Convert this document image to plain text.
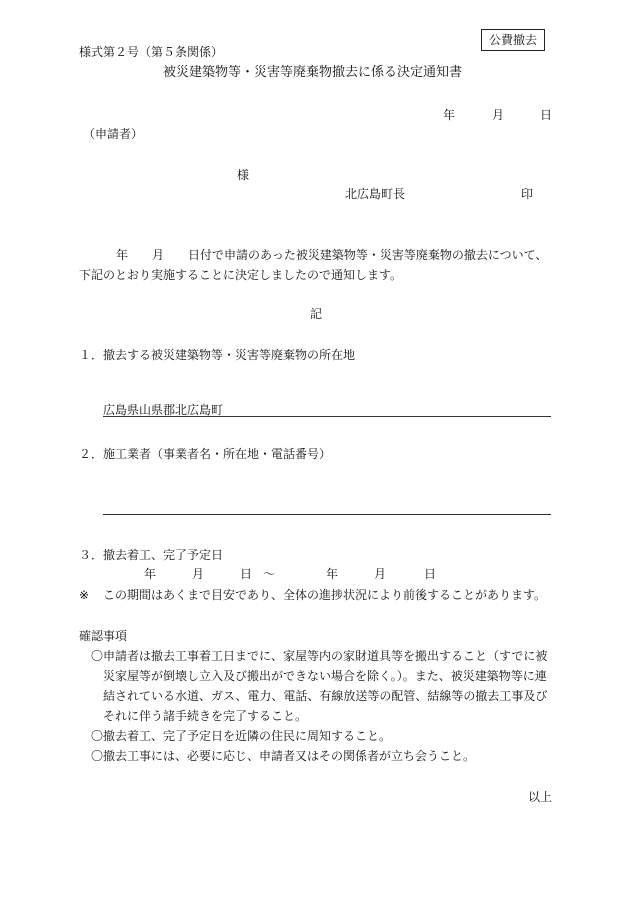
公費撤去
様式第２号（第５条関係）
被災建築物等・災害等廃棄物撤去に係る決定通知書
年	月	日
（申請者）
様
北広島町長	印
年　　月　　日付で申請のあった被災建築物等・災害等廃棄物の撤去について、
下記のとおり実施することに決定しましたので通知します。
記
１．撤去する被災建築物等・災害等廃棄物の所在地
広島県山県郡北広島町
２．施工業者（事業者名・所在地・電話番号）
３．撤去着工、完了予定日
年	月	日 ～	年	月	日
※ この期間はあくまで目安であり、全体の進捗状況により前後することがあります。
確認事項
〇申請者は撤去工事着工日までに、家屋等内の家財道具等を搬出すること（すでに被
災家屋等が倒壊し立入及び搬出ができない場合を除く。）。また、被災建築物等に連
結されている水道、ガス、電力、電話、有線放送等の配管、結線等の撤去工事及び
それに伴う諸手続きを完了すること。
〇撤去着工、完了予定日を近隣の住民に周知すること。
〇撤去工事には、必要に応じ、申請者又はその関係者が立ち会うこと。
以上
